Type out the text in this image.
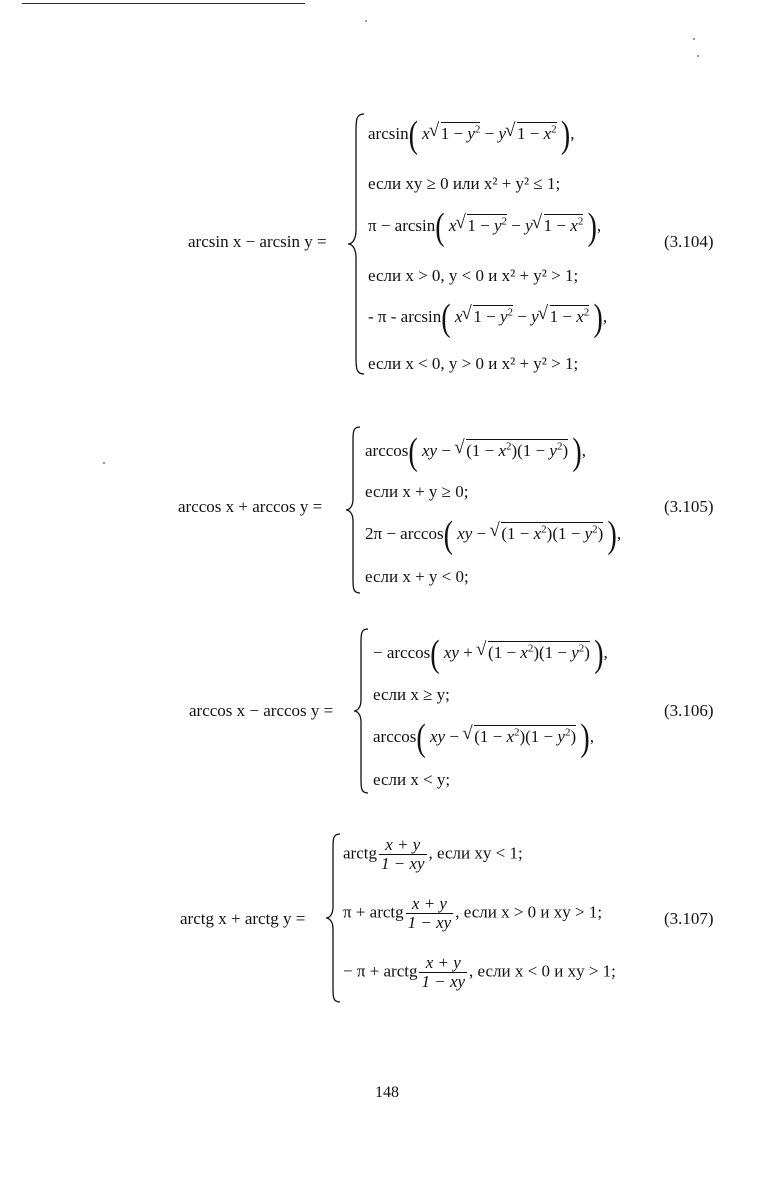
arcsin x − arcsin y =
arcsin( x√ $1 - y^2 - y√$ $1 - x^2$ ),
если xy ≥ 0 или x² + y² ≤ 1;
π − arcsin( x√ $1 - y^2 - y√$ $1 - x^2$ ),
если x > 0, y < 0 и x² + y² > 1;
- π - arcsin( x√ $1 - y^2 - y√$ $1 - x^2$ ),
если x < 0, y > 0 и x² + y² > 1;
(3.104)
arccos x + arccos y =
arccos( xy − √ $(1 - x^2)(1 - y^2)$ ),
если x + y ≥ 0;
2π − arccos( xy − √ $(1 - x^2)(1 - y^2)$ ),
если x + y < 0;
(3.105)
arccos x − arccos y =
− arccos( xy + √ $(1 - x^2)(1 - y^2)$ ),
если x ≥ y;
arccos( xy − √ $(1 - x^2)(1 - y^2)$ ),
если x < y;
(3.106)
arctg x + arctg y =
arctg $\frac{x + y}{1 - xy}$ , если xy < 1;
π + arctg $\frac{x + y}{1 - xy}$ , если x > 0 и xy > 1;
− π + arctg $\frac{x + y}{1 - xy}$ , если x < 0 и xy > 1;
(3.107)
148
